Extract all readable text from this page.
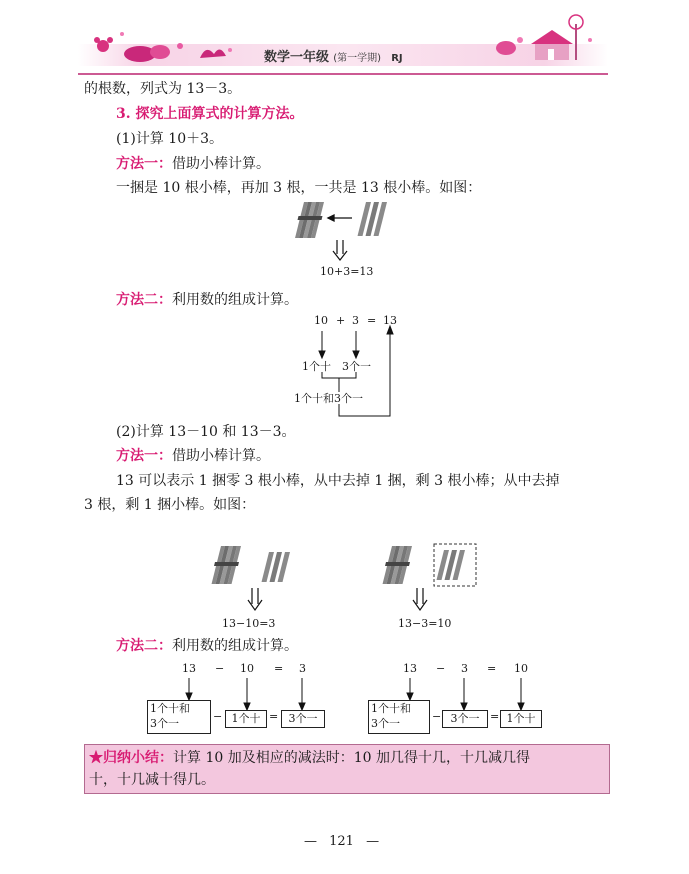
数学一年级 (第一学期) RJ
的根数，列式为 13－3。
3. 探究上面算式的计算方法。
(1)计算 10＋3。
方法一：借助小棒计算。
一捆是 10 根小棒，再加 3 根，一共是 13 根小棒。如图：
10+3=13
方法二：利用数的组成计算。
10 + 3 = 13
1个十 3个一
1个十和3个一
(2)计算 13－10 和 13－3。
方法一：借助小棒计算。
13 可以表示 1 捆零 3 根小棒，从中去掉 1 捆，剩 3 根小棒；从中去掉
3 根，剩 1 捆小棒。如图：
13−10=3	13−3=10
方法二：利用数的组成计算。
13 − 10 = 3
1个十和
3个一
− 1个十 = 3个一
13 − 3 = 10
1个十和
3个一
− 3个一 = 1个十
★归纳小结：计算 10 加及相应的减法时：10 加几得十几，十几减几得
十，十几减十得几。
— 121 —
